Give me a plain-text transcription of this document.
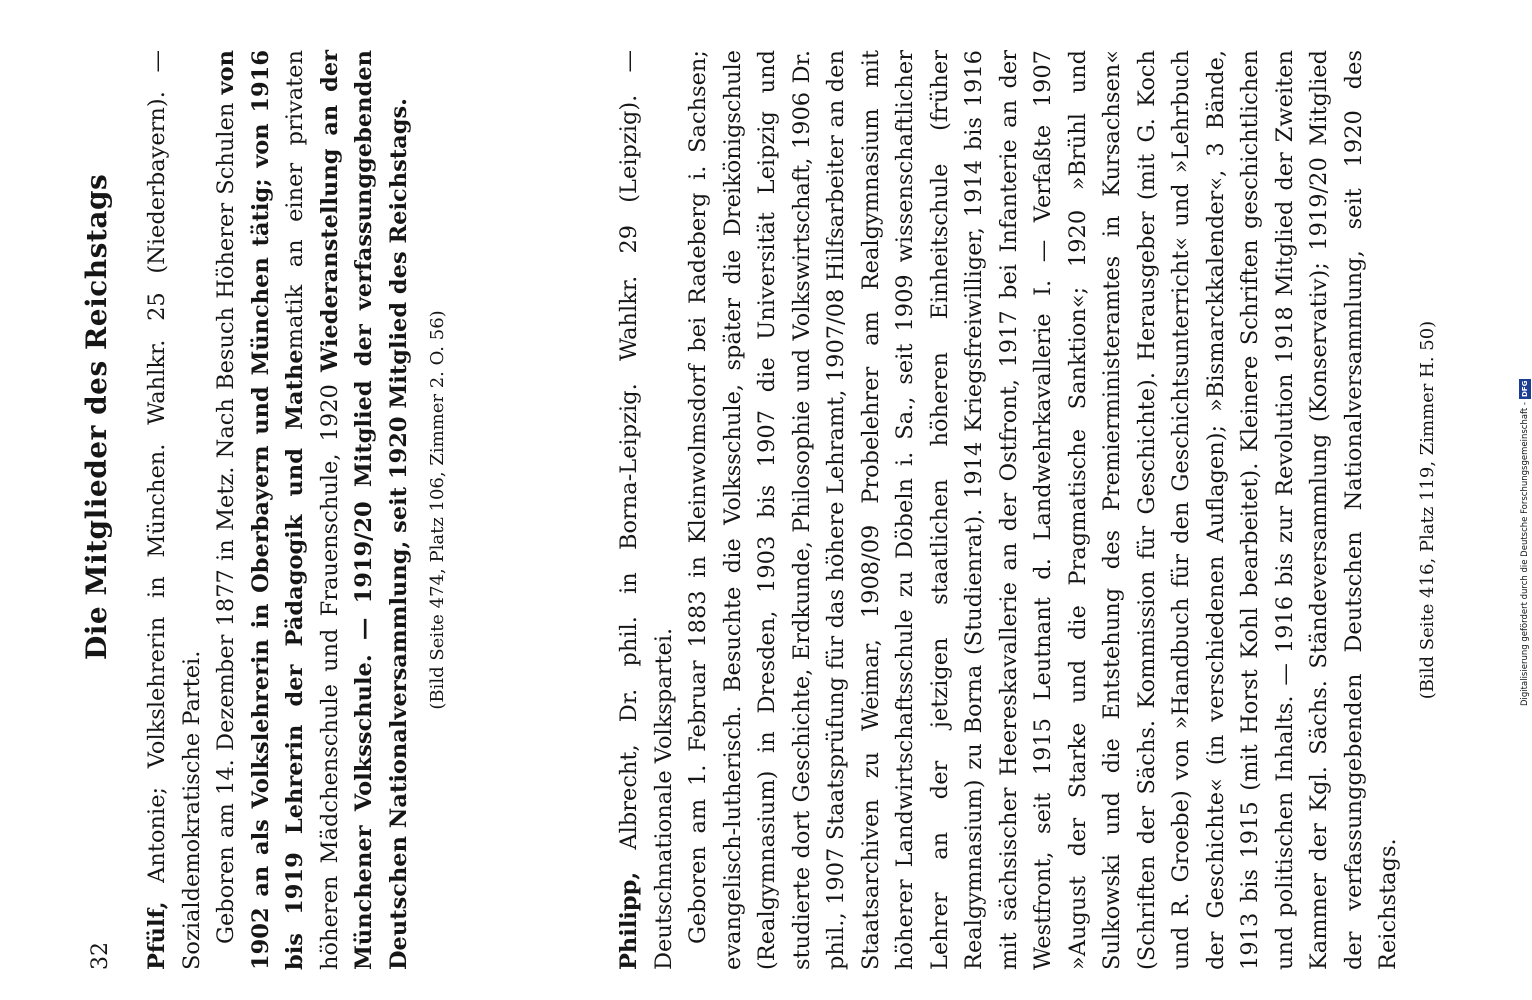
32
Die Mitglieder des Reichstags

Pfülf, Antonie; Volkslehrerin in München. Wahlkr. 25 (Niederbayern). — Sozialdemokratische Partei. Geboren am 14. Dezember 1877 in Metz. Nach Besuch Höherer Schulen von 1902 an als Volkslehrerin in Oberbayern und München tätig; von 1916 bis 1919 Lehrerin der Pädagogik und Mathematik an einer privaten höheren Mädchenschule und Frauenschule, 1920 Wiederanstellung an der Münchener Volksschule. — 1919/20 Mitglied der verfassunggebenden Deutschen Nationalversammlung, seit 1920 Mitglied des Reichstags. (Bild Seite 474, Platz 106, Zimmer 2. O. 56)

Philipp, Albrecht, Dr. phil. in Borna-Leipzig. Wahlkr. 29 (Leipzig). — Deutschnationale Volkspartei. Geboren am 1. Februar 1883 in Kleinwolmsdorf bei Radeberg i. Sachsen; evangelisch-lutherisch. Besuchte die Volksschule, später die Dreikönigschule (Realgymnasium) in Dresden, 1903 bis 1907 die Universität Leipzig und studierte dort Geschichte, Erdkunde, Philosophie und Volkswirtschaft, 1906 Dr. phil., 1907 Staatsprüfung für das höhere Lehramt, 1907/08 Hilfsarbeiter an den Staatsarchiven zu Weimar, 1908/09 Probelehrer am Realgymnasium mit höherer Landwirtschaftsschule zu Döbeln i. Sa., seit 1909 wissenschaftlicher Lehrer an der jetzigen staatlichen höheren Einheitschule (früher Realgymnasium) zu Borna (Studienrat). 1914 Kriegsfreiwilliger, 1914 bis 1916 mit sächsischer Heereskavallerie an der Ostfront, 1917 bei Infanterie an der Westfront, seit 1915 Leutnant d. Landwehrkavallerie I. — Verfaßte 1907 »August der Starke und die Pragmatische Sanktion«; 1920 »Brühl und Sulkowski und die Entstehung des Premierministeramtes in Kursachsen« (Schriften der Sächs. Kommission für Geschichte). Herausgeber (mit G. Koch und R. Groebe) von »Handbuch für den Geschichtsunterricht« und »Lehrbuch der Geschichte« (in verschiedenen Auflagen); »Bismarckkalender«, 3 Bände, 1913 bis 1915 (mit Horst Kohl bearbeitet). Kleinere Schriften geschichtlichen und politischen Inhalts. — 1916 bis zur Revolution 1918 Mitglied der Zweiten Kammer der Kgl. Sächs. Ständeversammlung (Konservativ); 1919/20 Mitglied der verfassunggebenden Deutschen Nationalversammlung, seit 1920 des Reichstags.

(Bild Seite 416, Platz 119, Zimmer H. 50)	Digitalisierung gefördert durch die Deutsche Forschungsgemeinschaft -
DFG
